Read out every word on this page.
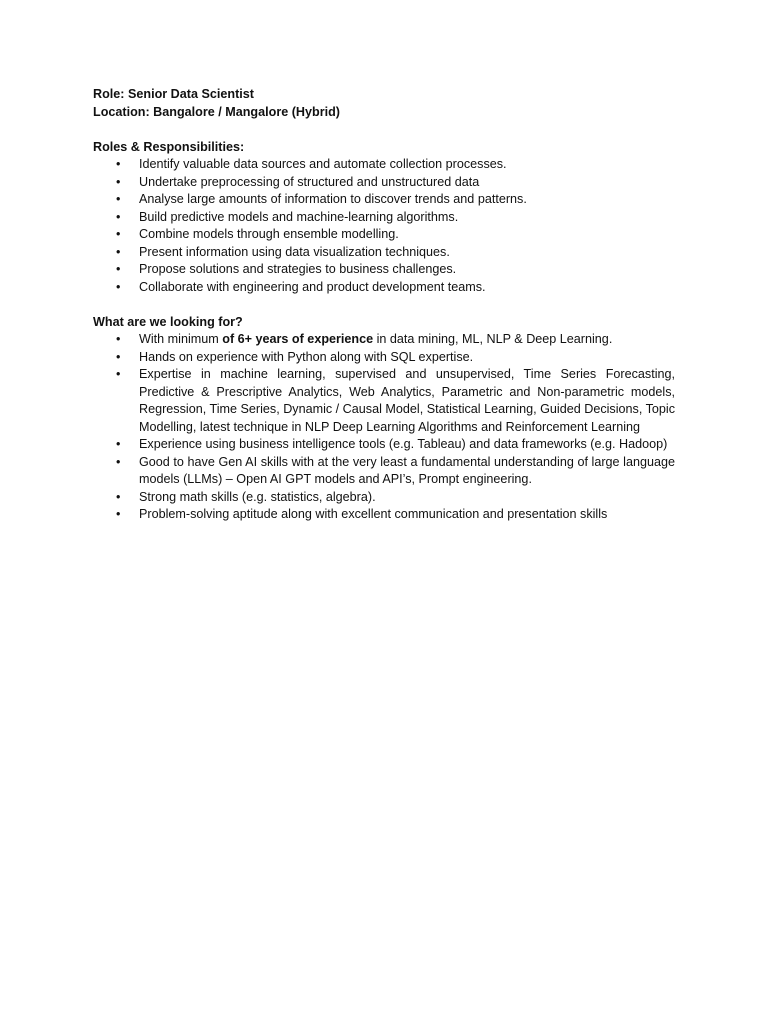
Role: Senior Data Scientist

Location: Bangalore / Mangalore (Hybrid)

Roles & Responsibilities:

•	Identify valuable data sources and automate collection processes.
•	Undertake preprocessing of structured and unstructured data
•	Analyse large amounts of information to discover trends and patterns.
•	Build predictive models and machine-learning algorithms.
•	Combine models through ensemble modelling.
•	Present information using data visualization techniques.
•	Propose solutions and strategies to business challenges.
•	Collaborate with engineering and product development teams.

What are we looking for?

•	With minimum of 6+ years of experience in data mining, ML, NLP & Deep Learning.
•	Hands on experience with Python along with SQL expertise.
•	Expertise in machine learning, supervised and unsupervised, Time Series Forecasting, Predictive & Prescriptive Analytics, Web Analytics, Parametric and Non-parametric models, Regression, Time Series, Dynamic / Causal Model, Statistical Learning, Guided Decisions, Topic Modelling, latest technique in NLP Deep Learning Algorithms and Reinforcement Learning
•	Experience using business intelligence tools (e.g. Tableau) and data frameworks (e.g. Hadoop)
•	Good to have Gen AI skills with at the very least a fundamental understanding of large language models (LLMs) – Open AI GPT models and API’s, Prompt engineering.
•	Strong math skills (e.g. statistics, algebra).
•	Problem-solving aptitude along with excellent communication and presentation skills
